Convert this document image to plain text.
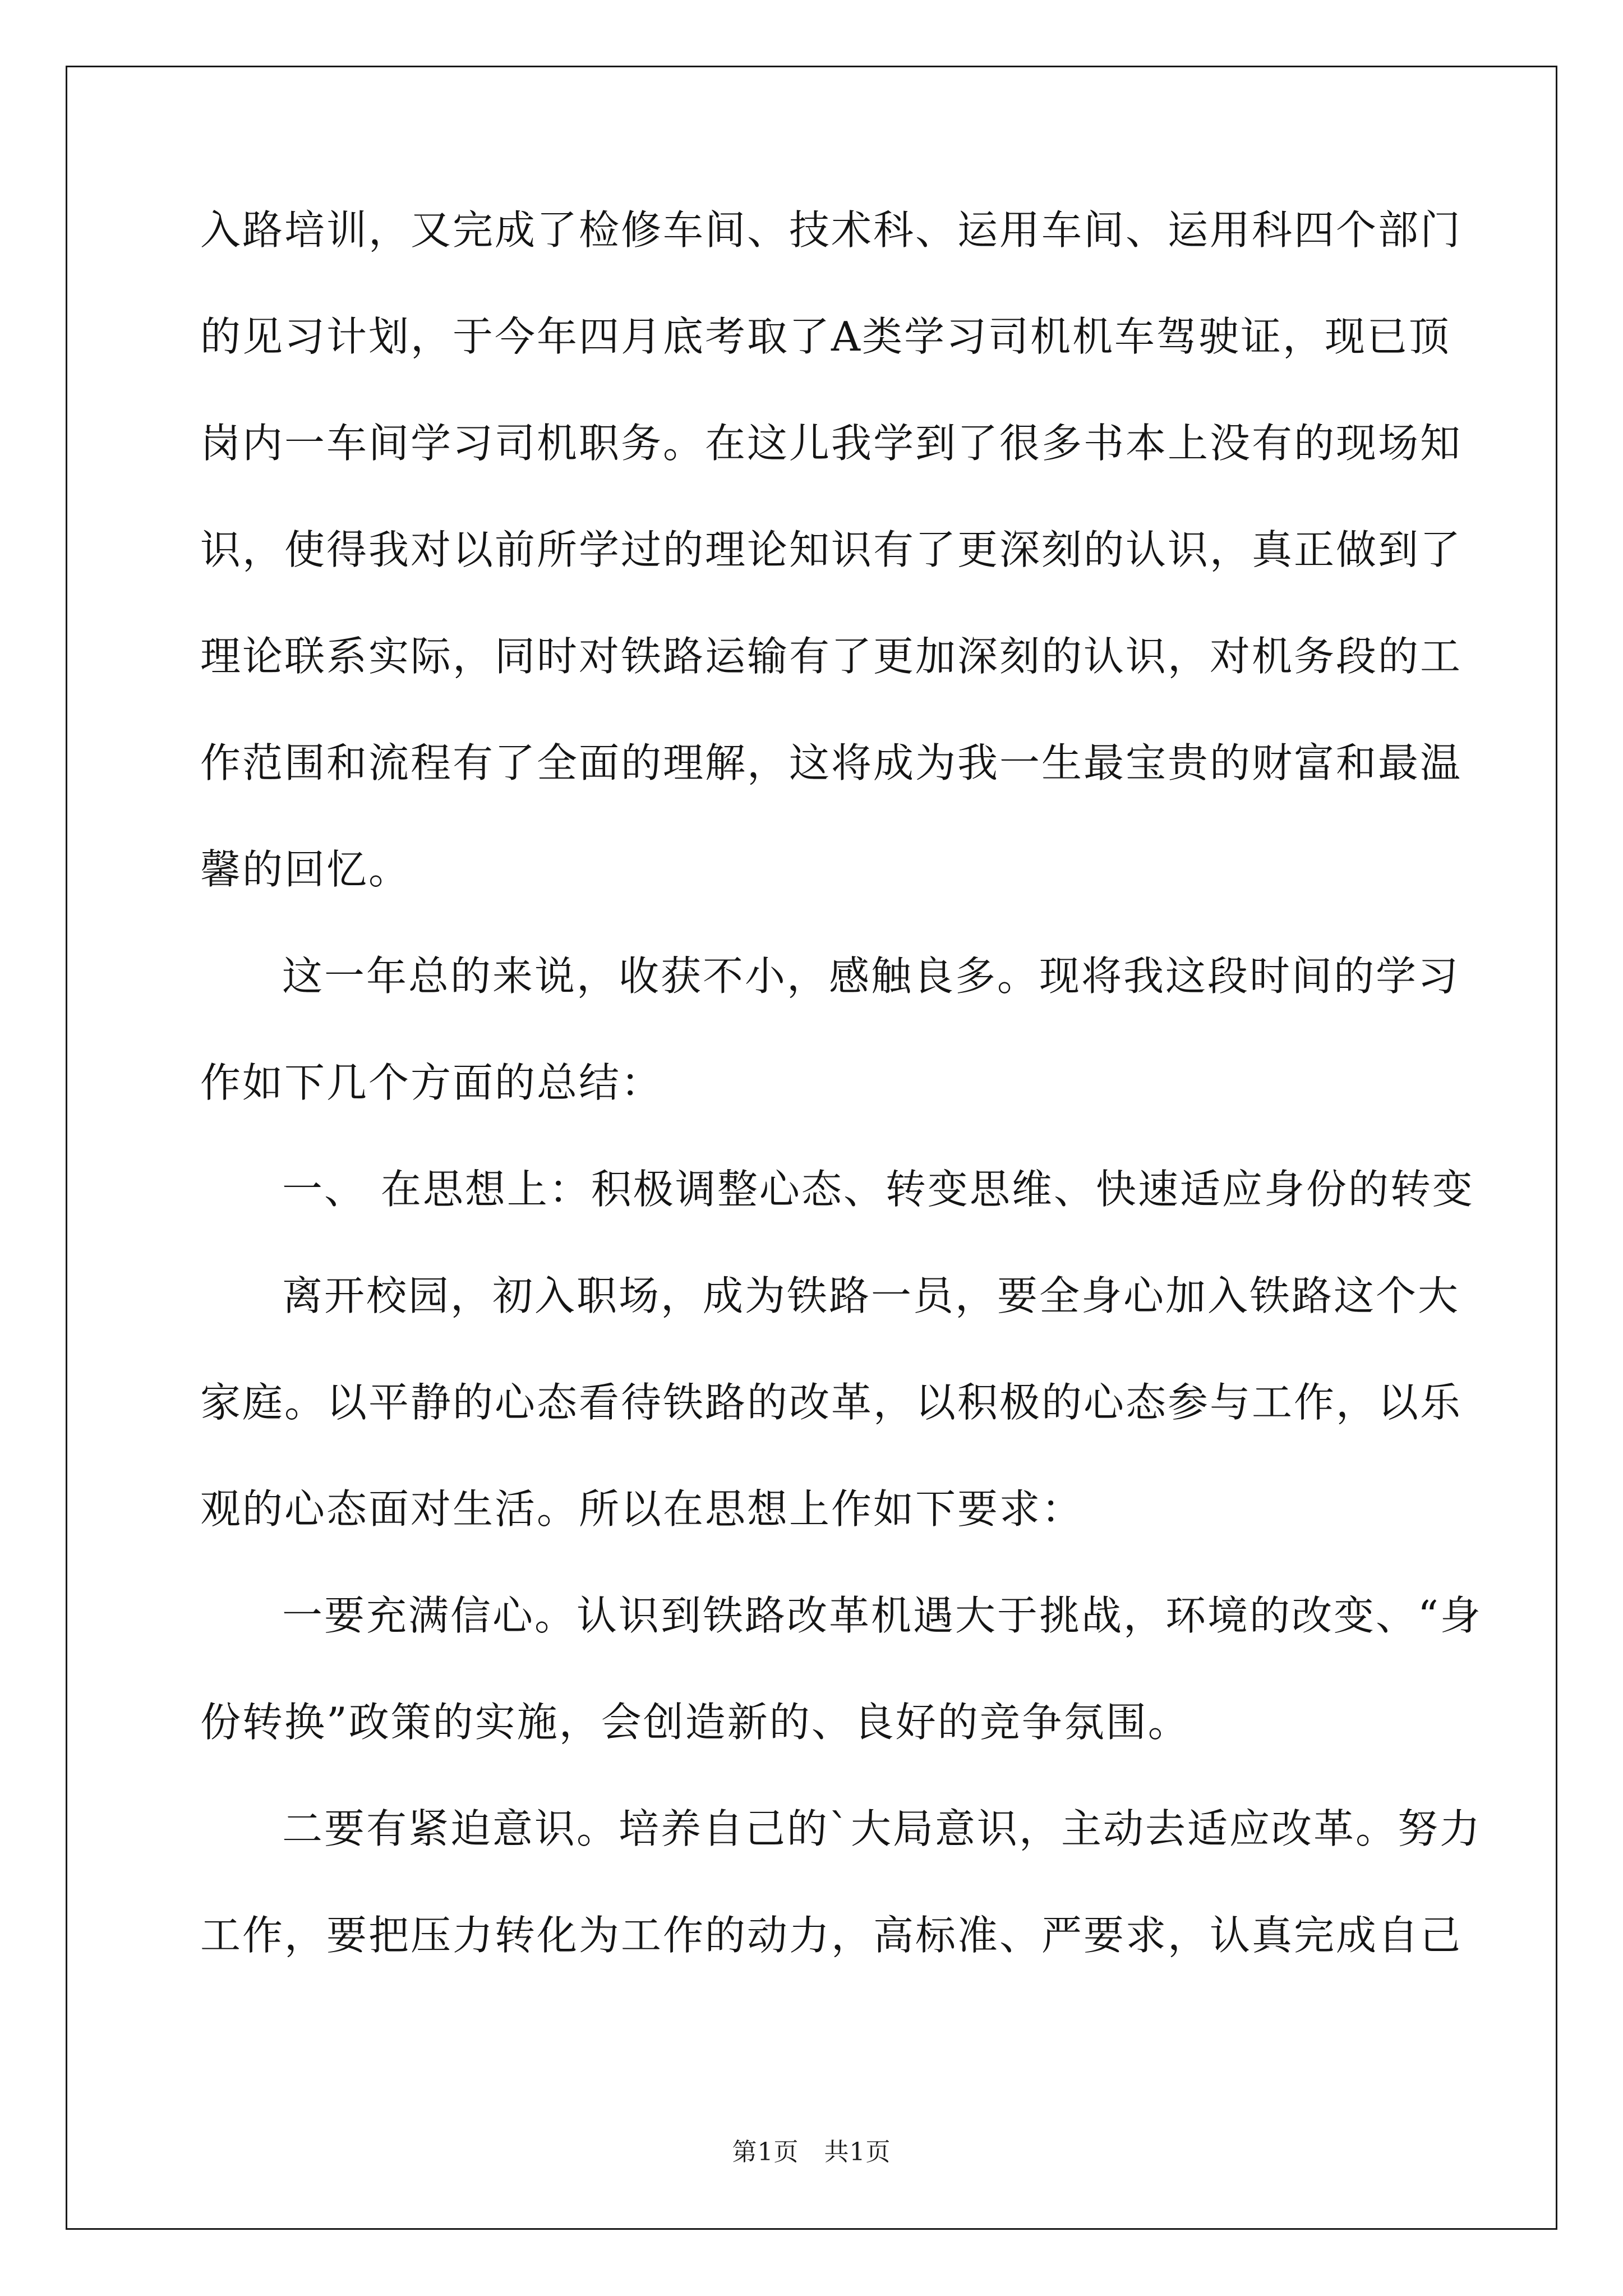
入路培训，又完成了检修车间、技术科、运用车间、运用科四个部门
的见习计划，于今年四月底考取了A类学习司机机车驾驶证，现已顶
岗内一车间学习司机职务。在这儿我学到了很多书本上没有的现场知
识，使得我对以前所学过的理论知识有了更深刻的认识，真正做到了
理论联系实际，同时对铁路运输有了更加深刻的认识，对机务段的工
作范围和流程有了全面的理解，这将成为我一生最宝贵的财富和最温
馨的回忆。
这一年总的来说，收获不小，感触良多。现将我这段时间的学习
作如下几个方面的总结：
一、 在思想上：积极调整心态、转变思维、快速适应身份的转变
离开校园，初入职场，成为铁路一员，要全身心加入铁路这个大
家庭。以平静的心态看待铁路的改革，以积极的心态参与工作，以乐
观的心态面对生活。所以在思想上作如下要求：
一要充满信心。认识到铁路改革机遇大于挑战，环境的改变、“身
份转换”政策的实施，会创造新的、良好的竞争氛围。
二要有紧迫意识。培养自己的`大局意识，主动去适应改革。努力
工作，要把压力转化为工作的动力，高标准、严要求，认真完成自己
第1页 共1页
